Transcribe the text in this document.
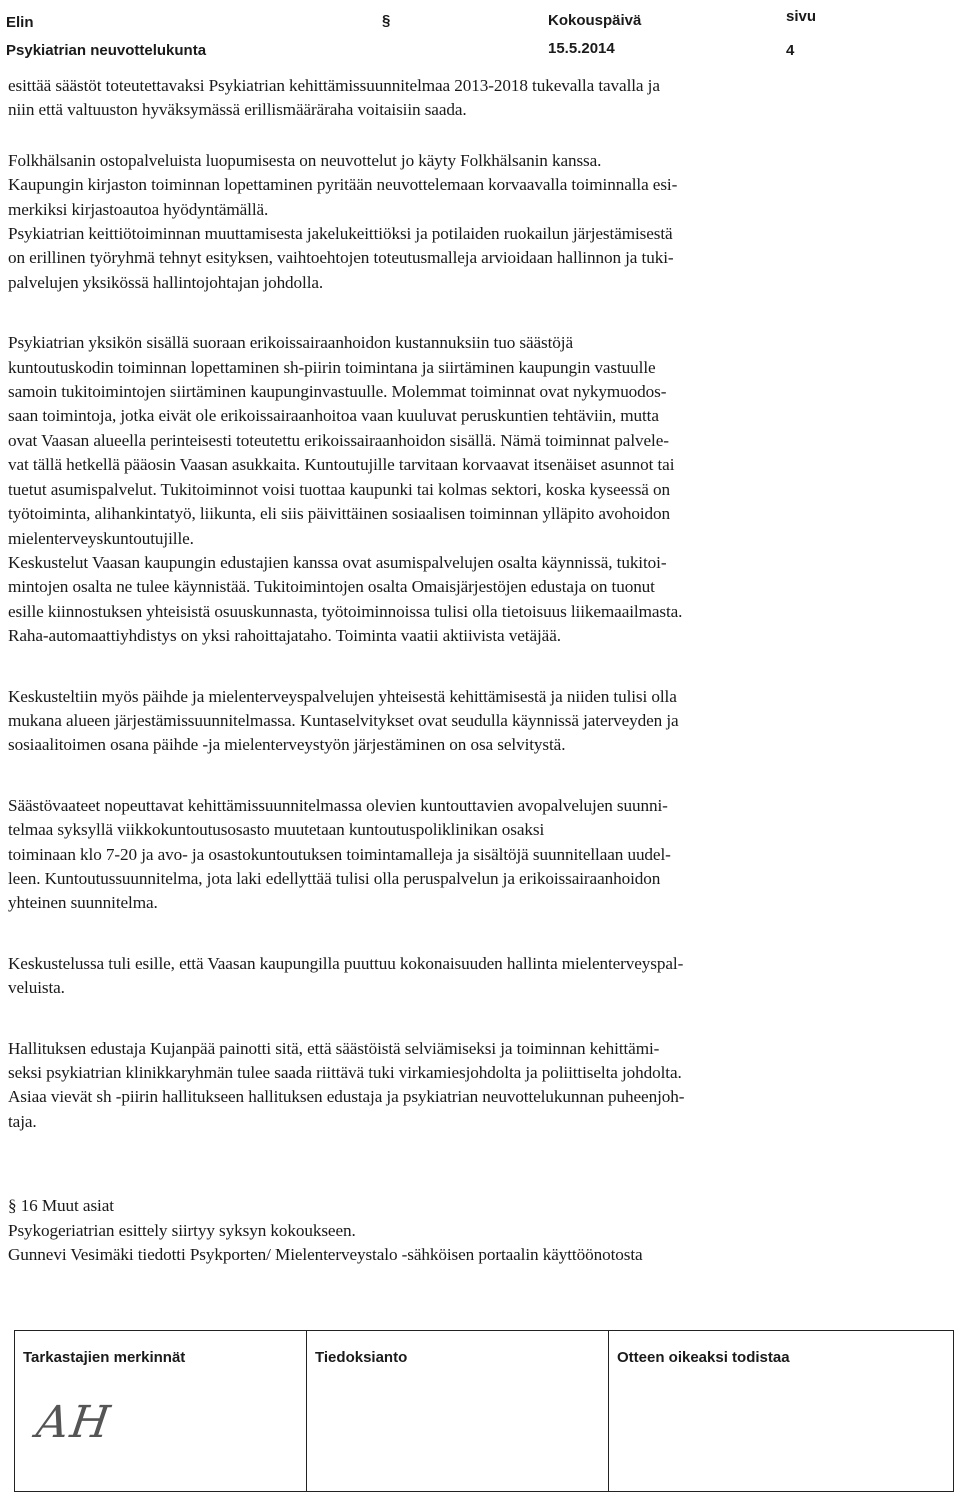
Elin
Psykiatrian neuvottelukunta
§	Kokouspäivä
15.5.2014
sivu
4
esittää säästöt toteutettavaksi Psykiatrian kehittämissuunnitelmaa 2013-2018 tukevalla tavalla ja
niin että valtuuston hyväksymässä erillismääräraha voitaisiin saada.
Folkhälsanin ostopalveluista luopumisesta on neuvottelut jo käyty Folkhälsanin kanssa.
Kaupungin kirjaston toiminnan lopettaminen pyritään neuvottelemaan korvaavalla toiminnalla esi-
merkiksi kirjastoautoa hyödyntämällä.
Psykiatrian keittiötoiminnan muuttamisesta jakelukeittiöksi ja potilaiden ruokailun järjestämisestä
on erillinen työryhmä tehnyt esityksen, vaihtoehtojen toteutusmalleja arvioidaan hallinnon ja tuki-
palvelujen yksikössä hallintojohtajan johdolla.
Psykiatrian yksikön sisällä suoraan erikoissairaanhoidon kustannuksiin tuo säästöjä
kuntoutuskodin toiminnan lopettaminen sh-piirin toimintana ja siirtäminen kaupungin vastuulle
samoin tukitoimintojen siirtäminen kaupunginvastuulle. Molemmat toiminnat ovat nykymuodos-
saan toimintoja, jotka eivät ole erikoissairaanhoitoa vaan kuuluvat peruskuntien tehtäviin, mutta
ovat Vaasan alueella perinteisesti toteutettu erikoissairaanhoidon sisällä. Nämä toiminnat palvele-
vat tällä hetkellä pääosin Vaasan asukkaita. Kuntoutujille tarvitaan korvaavat itsenäiset asunnot tai
tuetut asumispalvelut. Tukitoiminnot voisi tuottaa kaupunki tai kolmas sektori, koska kyseessä on
työtoiminta, alihankintatyö, liikunta, eli siis päivittäinen sosiaalisen toiminnan ylläpito avohoidon
mielenterveyskuntoutujille.
Keskustelut Vaasan kaupungin edustajien kanssa ovat asumispalvelujen osalta käynnissä, tukitoi-
mintojen osalta ne tulee käynnistää. Tukitoimintojen osalta Omaisjärjestöjen edustaja on tuonut
esille kiinnostuksen yhteisistä osuuskunnasta, työtoiminnoissa tulisi olla tietoisuus liikemaailmasta.
Raha-automaattiyhdistys on yksi rahoittajataho. Toiminta vaatii aktiivista vetäjää.
Keskusteltiin myös päihde ja mielenterveyspalvelujen yhteisestä kehittämisestä ja niiden tulisi olla
mukana alueen järjestämissuunnitelmassa. Kuntaselvitykset ovat seudulla käynnissä jaterveyden ja
sosiaalitoimen osana päihde -ja mielenterveystyön järjestäminen on osa selvitystä.
Säästövaateet nopeuttavat kehittämissuunnitelmassa olevien kuntouttavien avopalvelujen suunni-
telmaa syksyllä viikkokuntoutusosasto muutetaan kuntoutuspoliklinikan osaksi
toiminaan klo 7-20 ja avo- ja osastokuntoutuksen toimintamalleja ja sisältöjä suunnitellaan uudel-
leen. Kuntoutussuunnitelma, jota laki edellyttää tulisi olla peruspalvelun ja erikoissairaanhoidon
yhteinen suunnitelma.
Keskustelussa tuli esille, että Vaasan kaupungilla puuttuu kokonaisuuden hallinta mielenterveyspal-
veluista.
Hallituksen edustaja Kujanpää painotti sitä, että säästöistä selviämiseksi ja toiminnan kehittämi-
seksi psykiatrian klinikkaryhmän tulee saada riittävä tuki virkamiesjohdolta ja poliittiselta johdolta.
Asiaa vievät sh -piirin hallitukseen hallituksen edustaja ja psykiatrian neuvottelukunnan puheenjoh-
taja.
§ 16 Muut asiat
Psykogeriatrian esittely siirtyy syksyn kokoukseen.
Gunnevi Vesimäki tiedotti Psykporten/ Mielenterveystalo -sähköisen portaalin käyttöönotosta
Tarkastajien merkinnät
AH
Tiedoksianto	Otteen oikeaksi todistaa
